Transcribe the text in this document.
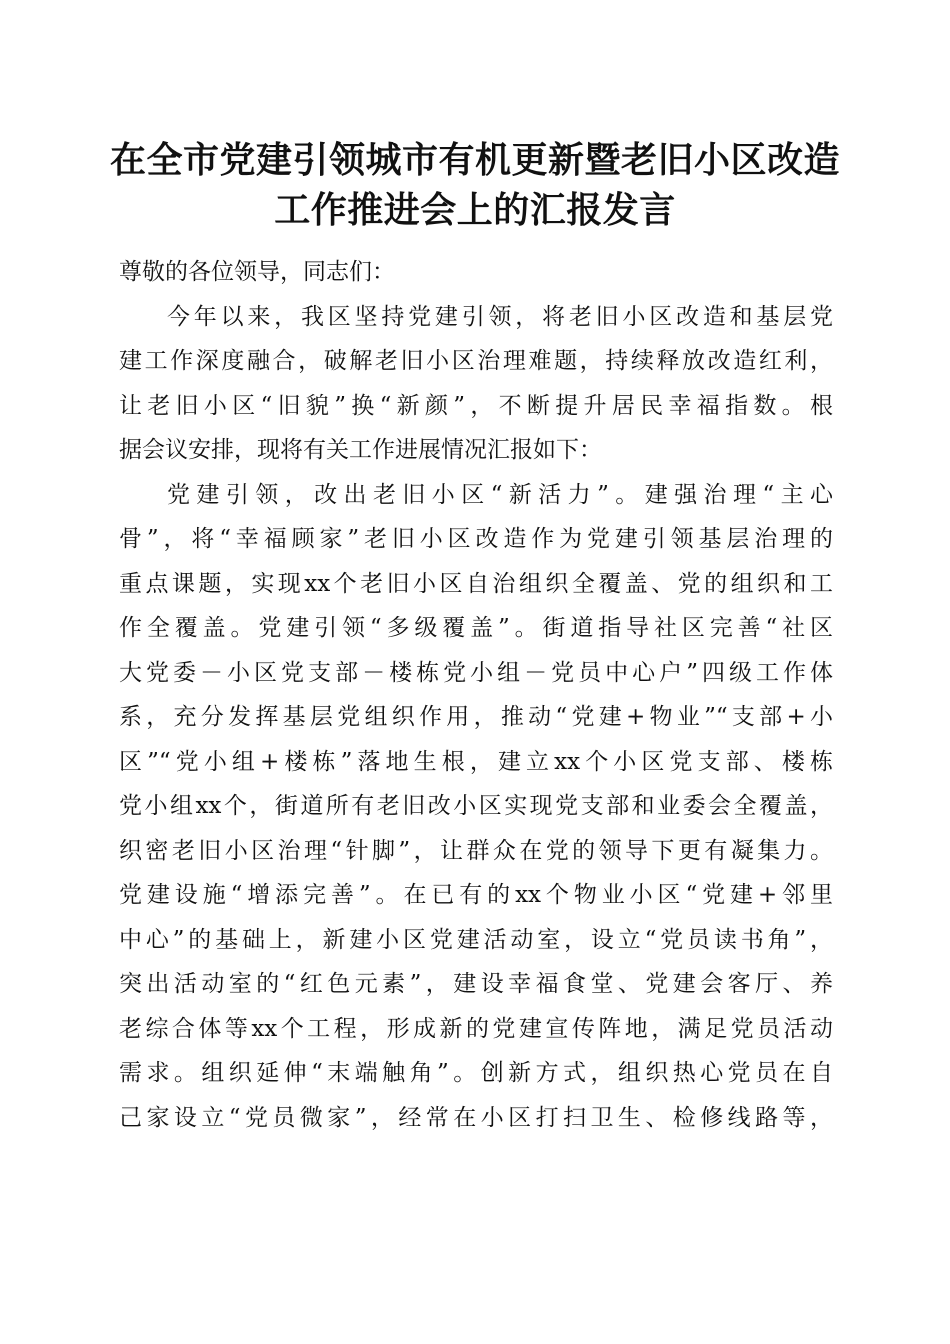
在全市党建引领城市有机更新暨老旧小区改造
工作推进会上的汇报发言

尊敬的各位领导，同志们：

今年以来，我区坚持党建引领，将老旧小区改造和基层党
建工作深度融合，破解老旧小区治理难题，持续释放改造红利，
让老旧小区“旧貌”换“新颜”，不断提升居民幸福指数。根
据会议安排，现将有关工作进展情况汇报如下：

党建引领，改出老旧小区“新活力”。建强治理“主心
骨”，将“幸福顾家”老旧小区改造作为党建引领基层治理的
重点课题，实现xx个老旧小区自治组织全覆盖、党的组织和工
作全覆盖。党建引领“多级覆盖”。街道指导社区完善“社区
大党委－小区党支部－楼栋党小组－党员中心户”四级工作体
系，充分发挥基层党组织作用，推动“党建+物业”“支部+小
区”“党小组+楼栋”落地生根，建立xx个小区党支部、楼栋
党小组xx个，街道所有老旧改小区实现党支部和业委会全覆盖，
织密老旧小区治理“针脚”，让群众在党的领导下更有凝集力。
党建设施“增添完善”。在已有的xx个物业小区“党建+邻里
中心”的基础上，新建小区党建活动室，设立“党员读书角”，
突出活动室的“红色元素”，建设幸福食堂、党建会客厅、养
老综合体等xx个工程，形成新的党建宣传阵地，满足党员活动
需求。组织延伸“末端触角”。创新方式，组织热心党员在自
己家设立“党员微家”，经常在小区打扫卫生、检修线路等，
